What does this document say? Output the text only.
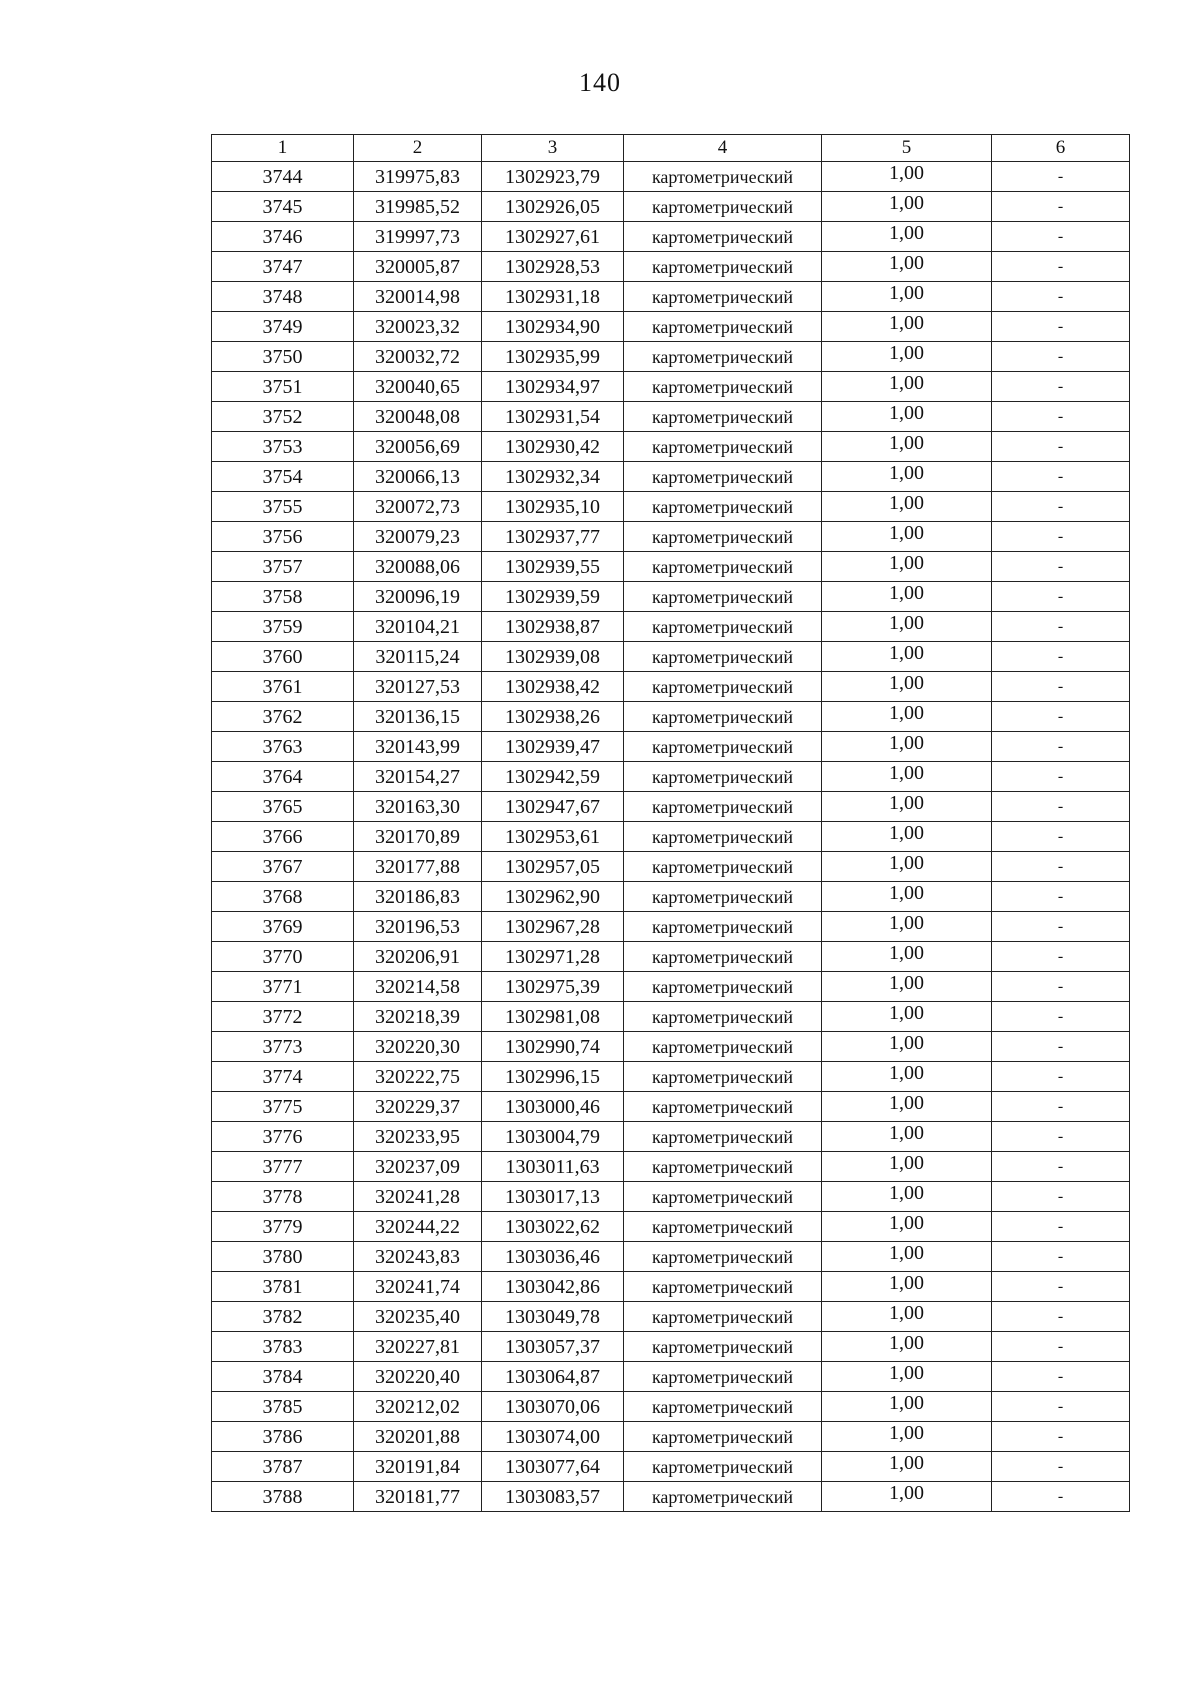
140
1	2	3	4	5	6
3744	319975,83	1302923,79	картометрический	1,00	-
3745	319985,52	1302926,05	картометрический	1,00	-
3746	319997,73	1302927,61	картометрический	1,00	-
3747	320005,87	1302928,53	картометрический	1,00	-
3748	320014,98	1302931,18	картометрический	1,00	-
3749	320023,32	1302934,90	картометрический	1,00	-
3750	320032,72	1302935,99	картометрический	1,00	-
3751	320040,65	1302934,97	картометрический	1,00	-
3752	320048,08	1302931,54	картометрический	1,00	-
3753	320056,69	1302930,42	картометрический	1,00	-
3754	320066,13	1302932,34	картометрический	1,00	-
3755	320072,73	1302935,10	картометрический	1,00	-
3756	320079,23	1302937,77	картометрический	1,00	-
3757	320088,06	1302939,55	картометрический	1,00	-
3758	320096,19	1302939,59	картометрический	1,00	-
3759	320104,21	1302938,87	картометрический	1,00	-
3760	320115,24	1302939,08	картометрический	1,00	-
3761	320127,53	1302938,42	картометрический	1,00	-
3762	320136,15	1302938,26	картометрический	1,00	-
3763	320143,99	1302939,47	картометрический	1,00	-
3764	320154,27	1302942,59	картометрический	1,00	-
3765	320163,30	1302947,67	картометрический	1,00	-
3766	320170,89	1302953,61	картометрический	1,00	-
3767	320177,88	1302957,05	картометрический	1,00	-
3768	320186,83	1302962,90	картометрический	1,00	-
3769	320196,53	1302967,28	картометрический	1,00	-
3770	320206,91	1302971,28	картометрический	1,00	-
3771	320214,58	1302975,39	картометрический	1,00	-
3772	320218,39	1302981,08	картометрический	1,00	-
3773	320220,30	1302990,74	картометрический	1,00	-
3774	320222,75	1302996,15	картометрический	1,00	-
3775	320229,37	1303000,46	картометрический	1,00	-
3776	320233,95	1303004,79	картометрический	1,00	-
3777	320237,09	1303011,63	картометрический	1,00	-
3778	320241,28	1303017,13	картометрический	1,00	-
3779	320244,22	1303022,62	картометрический	1,00	-
3780	320243,83	1303036,46	картометрический	1,00	-
3781	320241,74	1303042,86	картометрический	1,00	-
3782	320235,40	1303049,78	картометрический	1,00	-
3783	320227,81	1303057,37	картометрический	1,00	-
3784	320220,40	1303064,87	картометрический	1,00	-
3785	320212,02	1303070,06	картометрический	1,00	-
3786	320201,88	1303074,00	картометрический	1,00	-
3787	320191,84	1303077,64	картометрический	1,00	-
3788	320181,77	1303083,57	картометрический	1,00	-
